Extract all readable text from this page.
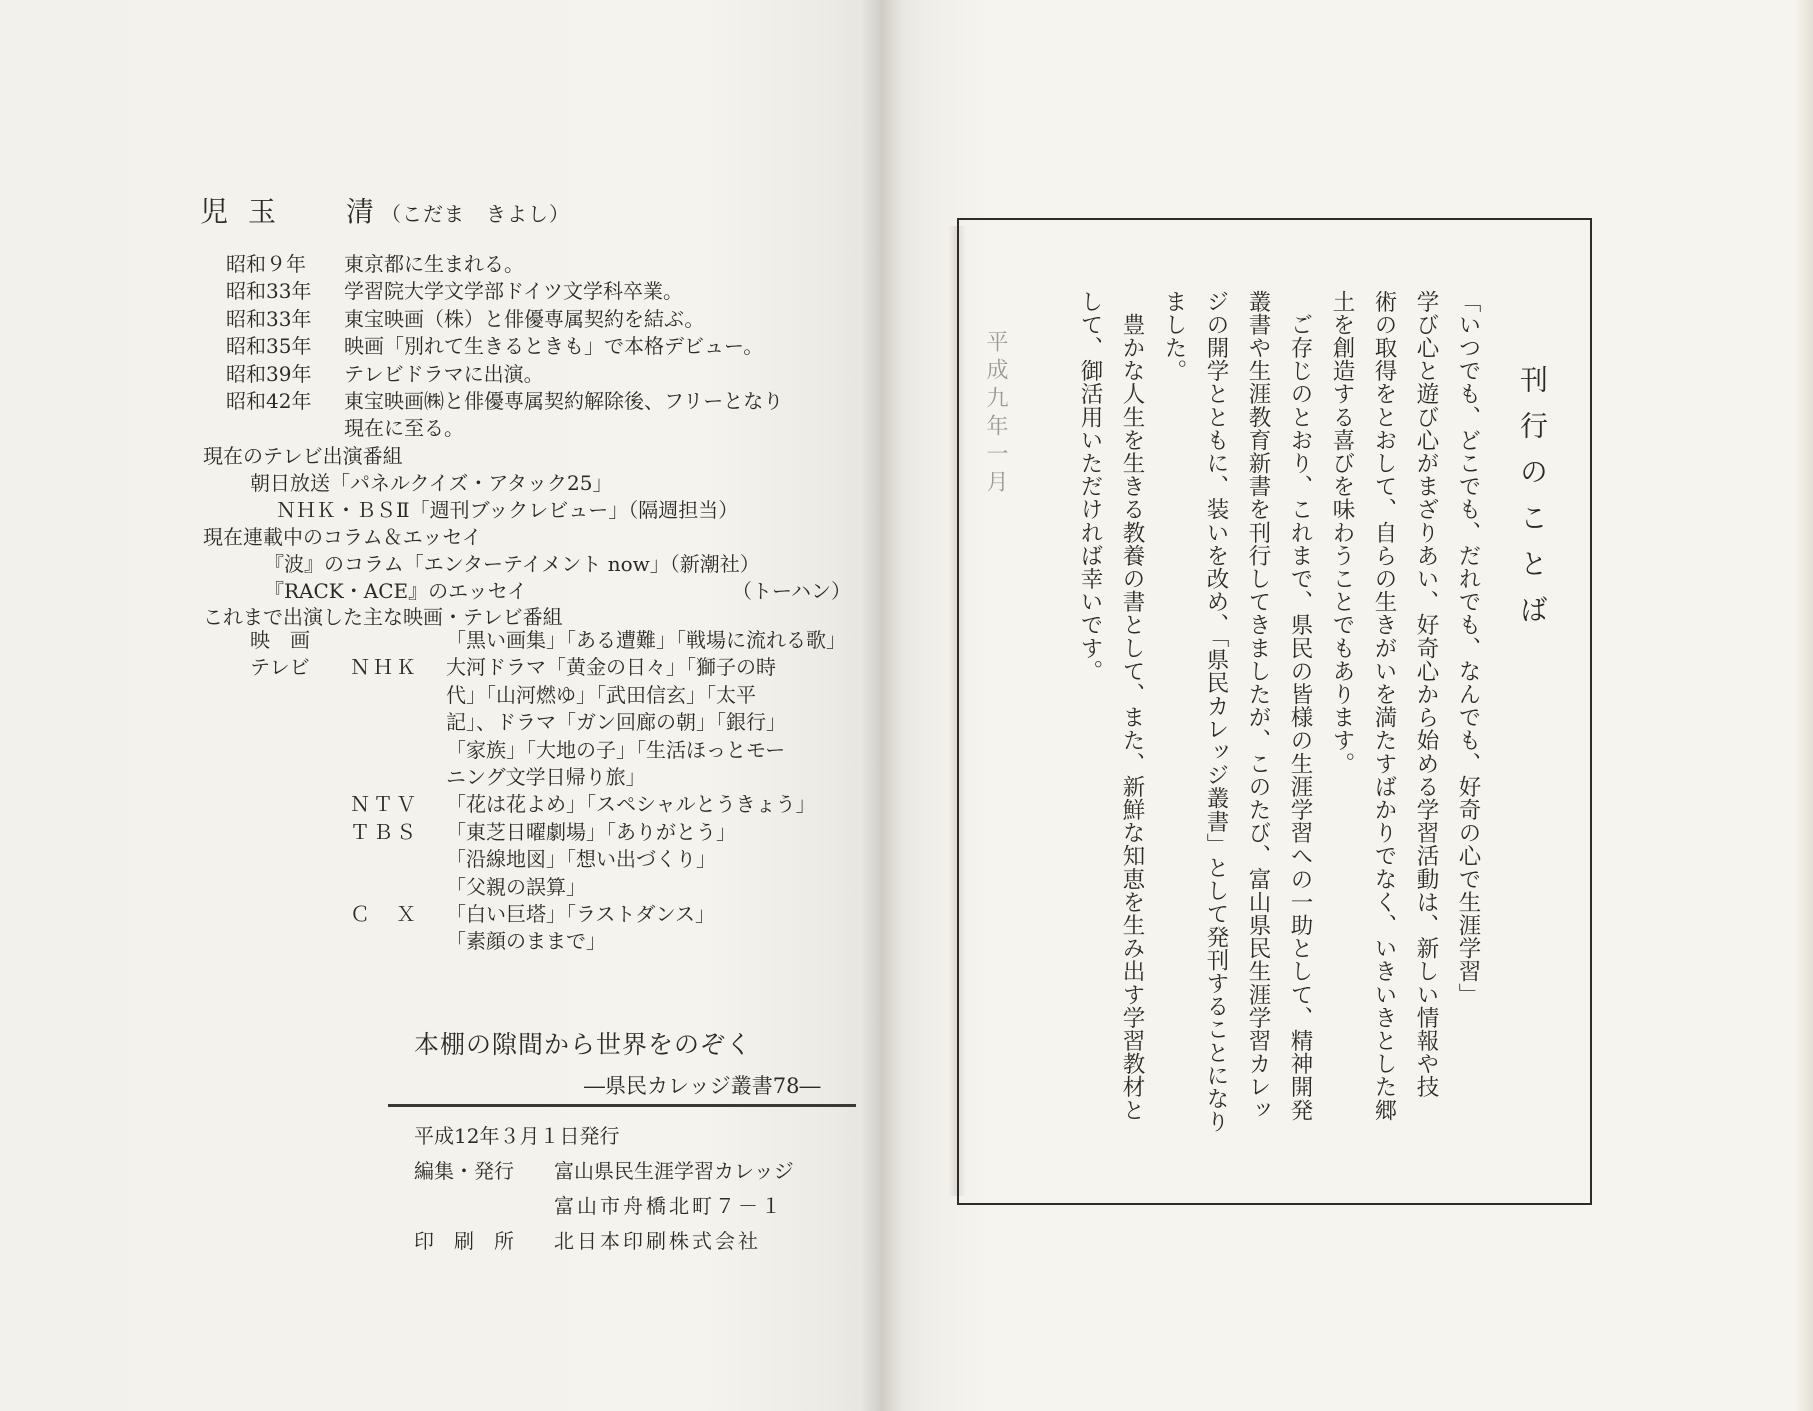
児 玉 清 （こだま　きよし）
昭和９年 東京都に生まれる。
昭和33年 学習院大学文学部ドイツ文学科卒業。
昭和33年 東宝映画（株）と俳優専属契約を結ぶ。
昭和35年 映画「別れて生きるときも」で本格デビュー。
昭和39年 テレビドラマに出演。
昭和42年 東宝映画㈱と俳優専属契約解除後、フリーとなり
現在に至る。
現在のテレビ出演番組
朝日放送「パネルクイズ・アタック25」
ＮＨＫ・ＢＳⅡ「週刊ブックレビュー」（隔週担当）
現在連載中のコラム＆エッセイ
『波』のコラム「エンターテイメント now」（新潮社）
『RACK・ACE』のエッセイ	（トーハン）
これまで出演した主な映画・テレビ番組
映　画	「黒い画集」「ある遭難」「戦場に流れる歌」
テレビ	ＮＨＫ	大河ドラマ「黄金の日々」「獅子の時
代」「山河燃ゆ」「武田信玄」「太平
記」、ドラマ「ガン回廊の朝」「銀行」
「家族」「大地の子」「生活ほっとモー
ニング文学日帰り旅」
ＮＴＶ	「花は花よめ」「スペシャルとうきょう」
ＴＢＳ	「東芝日曜劇場」「ありがとう」
「沿線地図」「想い出づくり」
「父親の誤算」
Ｃ　Ｘ	「白い巨塔」「ラストダンス」
「素顔のままで」
本棚の隙間から世界をのぞく
―県民カレッジ叢書78―
平成12年３月１日発行
編集・発行 富山県民生涯学習カレッジ
富山市舟橋北町７－１
印　刷　所 北日本印刷株式会社
刊行のことば
「いつでも、どこでも、だれでも、なんでも、好奇の心で生涯学習」
学び心と遊び心がまざりあい、好奇心から始める学習活動は、新しい情報や技
術の取得をとおして、自らの生きがいを満たすばかりでなく、いきいきとした郷
土を創造する喜びを味わうことでもあります。
　ご存じのとおり、これまで、県民の皆様の生涯学習への一助として、精神開発
叢書や生涯教育新書を刊行してきましたが、このたび、富山県民生涯学習カレッ
ジの開学とともに、装いを改め、「県民カレッジ叢書」として発刊することになり
ました。
　豊かな人生を生きる教養の書として、また、新鮮な知恵を生み出す学習教材と
して、御活用いただければ幸いです。
平成九年一月
